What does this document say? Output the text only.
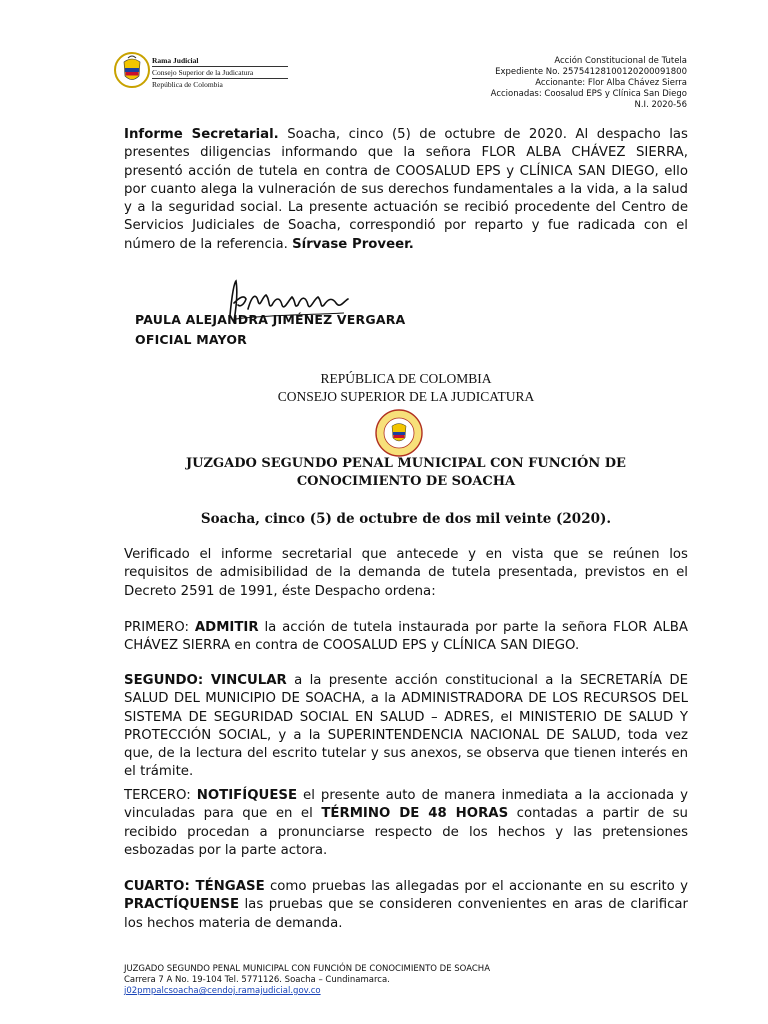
Rama Judicial
Consejo Superior de la Judicatura
República de Colombia
Acción Constitucional de Tutela
Expediente No. 25754128100120200091800
Accionante: Flor Alba Chávez Sierra
Accionadas: Coosalud EPS y Clínica San Diego
N.I. 2020-56
Informe Secretarial. Soacha, cinco (5) de octubre de 2020. Al despacho las presentes diligencias informando que la señora FLOR ALBA CHÁVEZ SIERRA, presentó acción de tutela en contra de COOSALUD EPS y CLÍNICA SAN DIEGO, ello por cuanto alega la vulneración de sus derechos fundamentales a la vida, a la salud y a la seguridad social. La presente actuación se recibió procedente del Centro de Servicios Judiciales de Soacha, correspondió por reparto y fue radicada con el número de la referencia. Sírvase Proveer.
PAULA ALEJANDRA JIMÉNEZ VERGARA
OFICIAL MAYOR
REPÚBLICA DE COLOMBIA
CONSEJO SUPERIOR DE LA JUDICATURA
JUZGADO SEGUNDO PENAL MUNICIPAL CON FUNCIÓN DE
CONOCIMIENTO DE SOACHA
Soacha, cinco (5) de octubre de dos mil veinte (2020).
Verificado el informe secretarial que antecede y en vista que se reúnen los requisitos de admisibilidad de la demanda de tutela presentada, previstos en el Decreto 2591 de 1991, éste Despacho ordena:
PRIMERO: ADMITIR la acción de tutela instaurada por parte la señora FLOR ALBA CHÁVEZ SIERRA en contra de COOSALUD EPS y CLÍNICA SAN DIEGO.
SEGUNDO: VINCULAR a la presente acción constitucional a la SECRETARÍA DE SALUD DEL MUNICIPIO DE SOACHA, a la ADMINISTRADORA DE LOS RECURSOS DEL SISTEMA DE SEGURIDAD SOCIAL EN SALUD – ADRES, el MINISTERIO DE SALUD Y PROTECCIÓN SOCIAL, y a la SUPERINTENDENCIA NACIONAL DE SALUD, toda vez que, de la lectura del escrito tutelar y sus anexos, se observa que tienen interés en el trámite.
TERCERO: NOTIFÍQUESE el presente auto de manera inmediata a la accionada y vinculadas para que en el TÉRMINO DE 48 HORAS contadas a partir de su recibido procedan a pronunciarse respecto de los hechos y las pretensiones esbozadas por la parte actora.
CUARTO: TÉNGASE como pruebas las allegadas por el accionante en su escrito y PRACTÍQUENSE las pruebas que se consideren convenientes en aras de clarificar los hechos materia de demanda.
JUZGADO SEGUNDO PENAL MUNICIPAL CON FUNCIÓN DE CONOCIMIENTO DE SOACHA
Carrera 7 A No. 19-104 Tel. 5771126. Soacha – Cundinamarca.
j02pmpalcsoacha@cendoj.ramajudicial.gov.co
